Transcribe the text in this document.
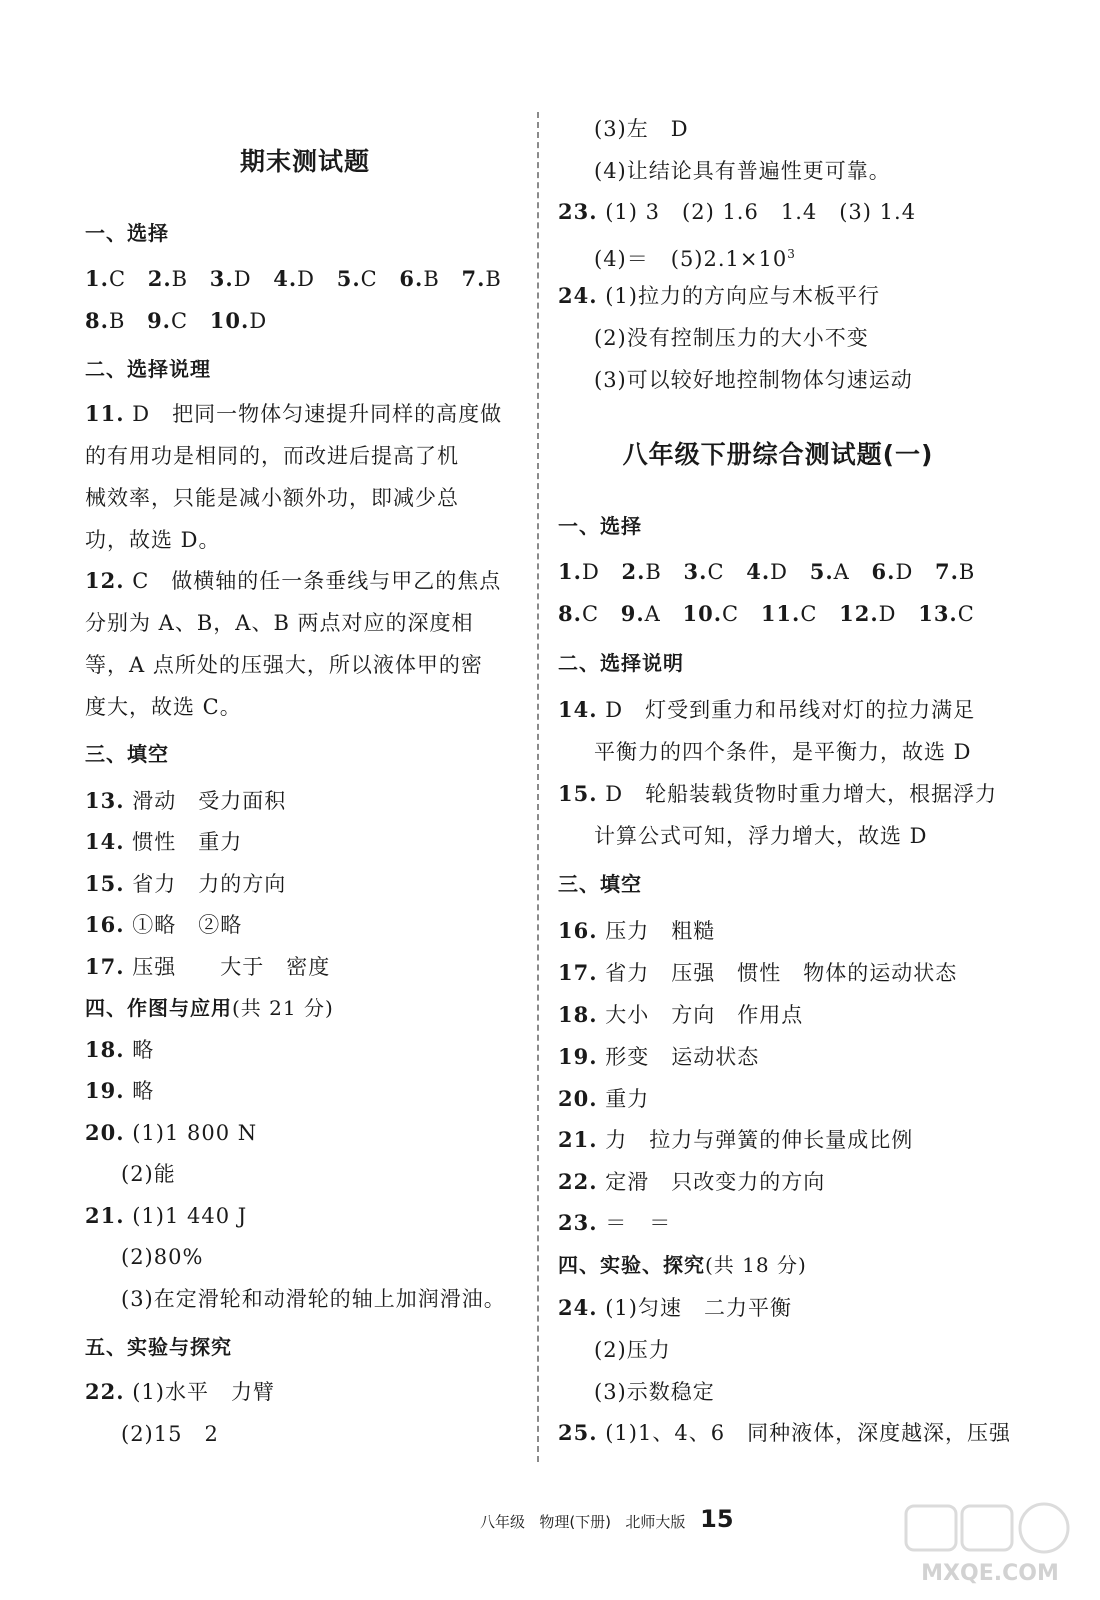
期末测试题
一、选择
1.C 2.B 3.D 4.D 5.C 6.B 7.B
8.B 9.C 10.D
二、选择说理
11. D　把同一物体匀速提升同样的高度做
的有用功是相同的，而改进后提高了机
械效率，只能是减小额外功，即减少总
功，故选 D。
12. C　做横轴的任一条垂线与甲乙的焦点
分别为 A、B，A、B 两点对应的深度相
等，A 点所处的压强大，所以液体甲的密
度大，故选 C。
三、填空
13. 滑动　受力面积
14. 惯性　重力
15. 省力　力的方向
16. ①略　②略
17. 压强　　大于　密度
四、作图与应用(共 21 分)
18. 略
19. 略
20. (1)1 800 N
(2)能
21. (1)1 440 J
(2)80%
(3)在定滑轮和动滑轮的轴上加润滑油。
五、实验与探究
22. (1)水平　力臂
(2)15　2
(3)左　D
(4)让结论具有普遍性更可靠。
23. (1) 3　(2) 1.6　1.4　(3) 1.4
(4)＝　$(5)2.1\times 10^3$
24. (1)拉力的方向应与木板平行
(2)没有控制压力的大小不变
(3)可以较好地控制物体匀速运动
八年级下册综合测试题(一)
一、选择
1.D 2.B 3.C 4.D 5.A 6.D 7.B
8.C 9.A 10.C 11.C 12.D 13.C
二、选择说明
14. D　灯受到重力和吊线对灯的拉力满足
平衡力的四个条件，是平衡力，故选 D
15. D　轮船装载货物时重力增大，根据浮力
计算公式可知，浮力增大，故选 D
三、填空
16. 压力　粗糙
17. 省力　压强　惯性　物体的运动状态
18. 大小　方向　作用点
19. 形变　运动状态
20. 重力
21. 力　拉力与弹簧的伸长量成比例
22. 定滑　只改变力的方向
23. ＝　＝
四、实验、探究(共 18 分)
24. (1)匀速　二力平衡
(2)压力
(3)示数稳定
25. (1)1、4、6　同种液体，深度越深，压强
八年级 物理(下册) 北师大版 15
MXQE.COM
